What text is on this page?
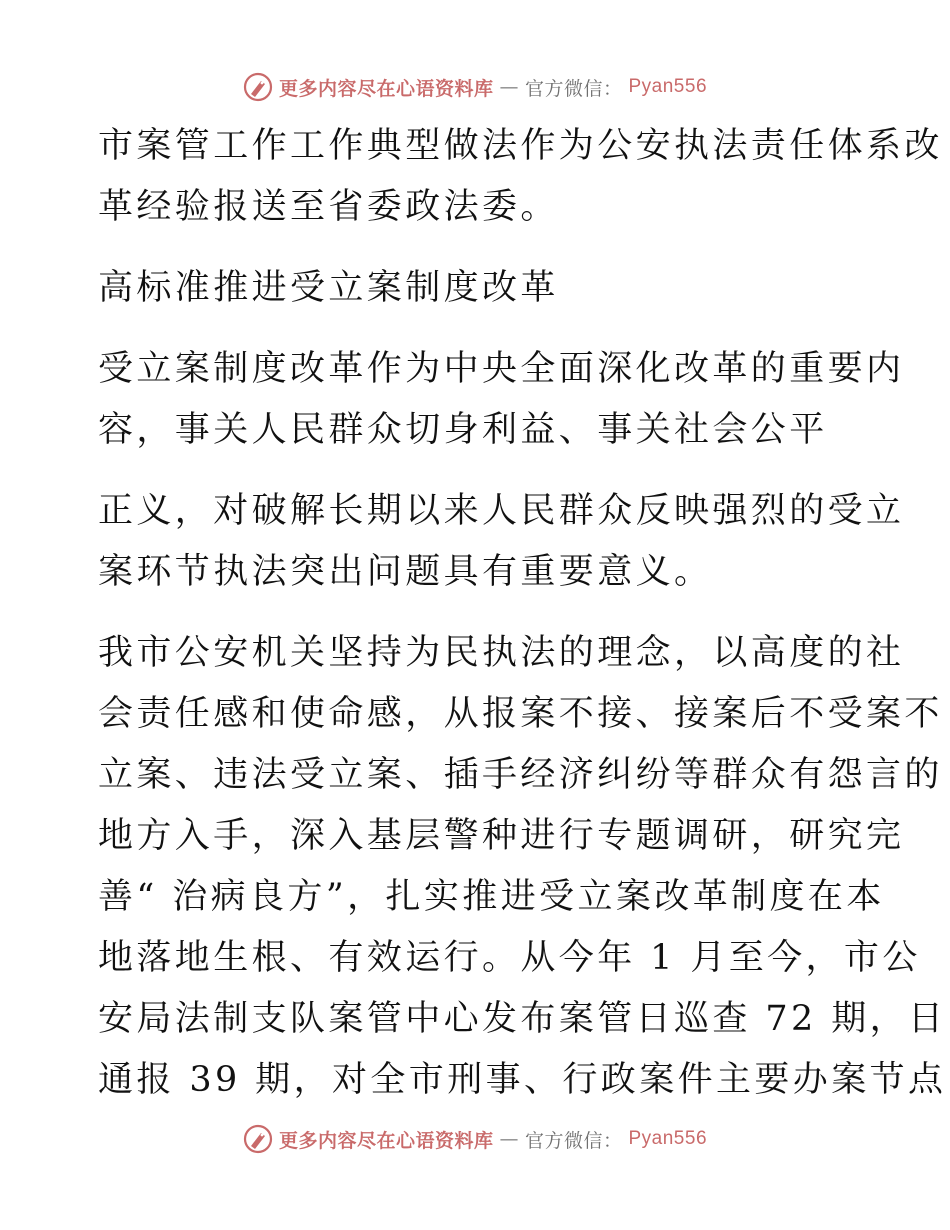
更多内容尽在心语资料库 — 官方微信： Pyan556
市案管工作工作典型做法作为公安执法责任体系改
革经验报送至省委政法委。
高标准推进受立案制度改革
受立案制度改革作为中央全面深化改革的重要内
容，事关人民群众切身利益、事关社会公平
正义，对破解长期以来人民群众反映强烈的受立
案环节执法突出问题具有重要意义。
我市公安机关坚持为民执法的理念，以高度的社
会责任感和使命感，从报案不接、接案后不受案不
立案、违法受立案、插手经济纠纷等群众有怨言的
地方入手，深入基层警种进行专题调研，研究完
善“ 治病良方”，扎实推进受立案改革制度在本
地落地生根、有效运行。从今年 1 月至今，市公
安局法制支队案管中心发布案管日巡查 72 期，日
通报 39 期，对全市刑事、行政案件主要办案节点
更多内容尽在心语资料库 — 官方微信： Pyan556
